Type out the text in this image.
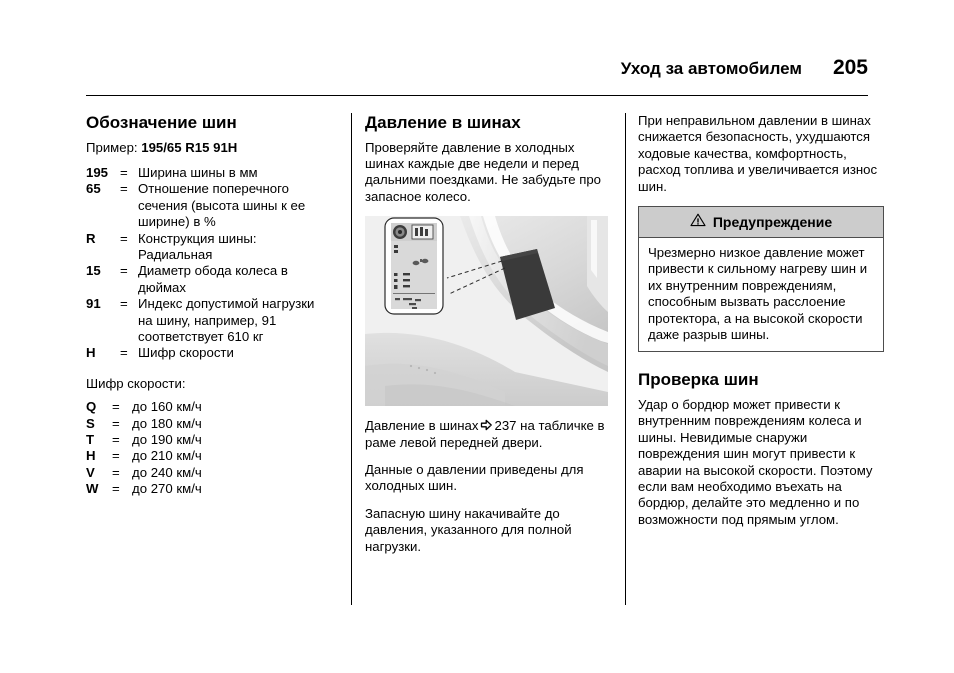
Уход за автомобилем 205
Обозначение шин
Пример: 195/65 R15 91H
195 = Ширина шины в мм
65	= Отношение поперечного сечения (высота шины к ее ширине) в %
R	= Конструкция шины: Радиальная
15	= Диаметр обода колеса в дюймах
91	= Индекс допустимой нагрузки на шину, например, 91 соответствует 610 кг
H	= Шифр скорости
Шифр скорости:
Q	= до 160 км/ч
S	= до 180 км/ч
T	= до 190 км/ч
H	= до 210 км/ч
V	= до 240 км/ч
W	= до 270 км/ч
Давление в шинах

Проверяйте давление в холодных шинах каждые две недели и перед дальними поездками. Не забудьте про запасное колесо.

Давление в шинах 237 на табличке в раме левой передней двери.

Данные о давлении приведены для холодных шин.

Запасную шину накачивайте до давления, указанного для полной нагрузки.

При неправильном давлении в шинах снижается безопасность, ухудшаются ходовые качества, комфортность, расход топлива и увеличивается износ шин.

Предупреждение

Чрезмерно низкое давление может привести к сильному нагреву шин и их внутренним повреждениям, способным вызвать расслоение протектора, а на высокой скорости даже разрыв шины.

Проверка шин

Удар о бордюр может привести к внутренним повреждениям колеса и шины. Невидимые снаружи повреждения шин могут привести к аварии на высокой скорости. Поэтому если вам необходимо въехать на бордюр, делайте это медленно и по возможности под прямым углом.
